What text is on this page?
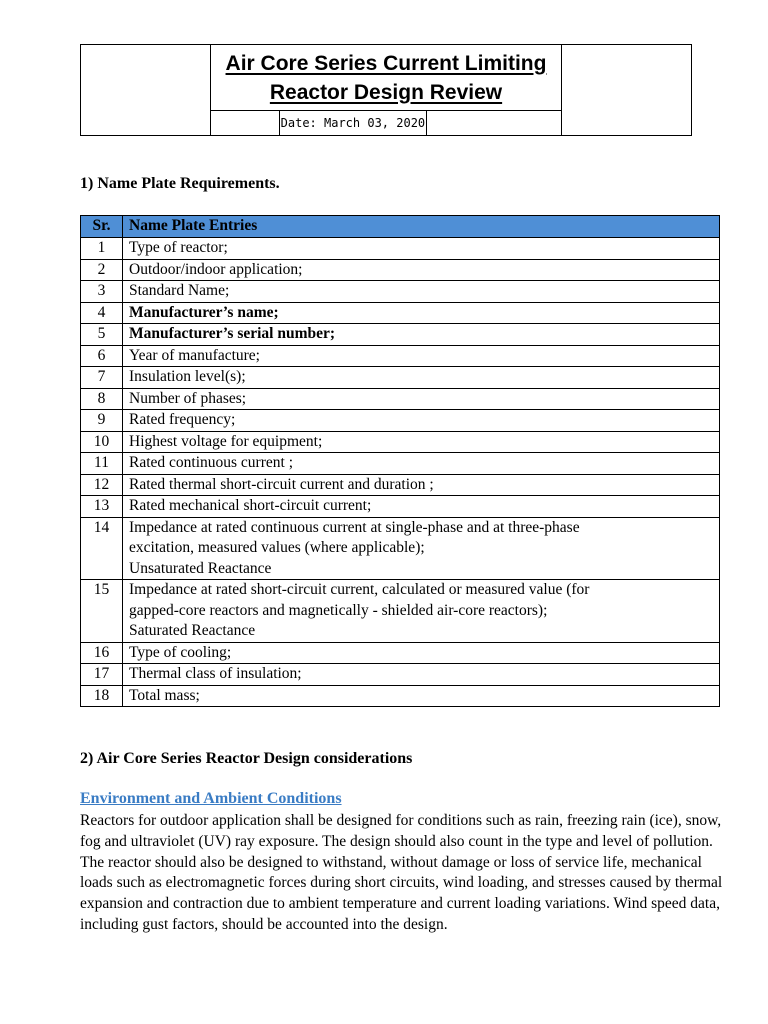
Air Core Series Current Limiting
Reactor Design Review

	Date: March 03, 2020	
1) Name Plate Requirements.
Sr.	Name Plate Entries
1	Type of reactor;

2	Outdoor/indoor application;

3	Standard Name;

4	Manufacturer’s name;

5	Manufacturer’s serial number;

6	Year of manufacture;

7	Insulation level(s);

8	Number of phases;

9	Rated frequency;

10	Highest voltage for equipment;

11	Rated continuous current ;

12	Rated thermal short-circuit current and duration ;

13	Rated mechanical short-circuit current;

14	Impedance at rated continuous current at single-phase and at three-phase
excitation, measured values (where applicable);
Unsaturated Reactance

15	Impedance at rated short-circuit current, calculated or measured value (for
gapped-core reactors and magnetically - shielded air-core reactors);
Saturated Reactance

16	Type of cooling;

17	Thermal class of insulation;

18	Total mass;
2) Air Core Series Reactor Design considerations
Environment and Ambient Conditions
Reactors for outdoor application shall be designed for conditions such as rain, freezing rain (ice), snow, fog and ultraviolet (UV) ray exposure. The design should also count in the type and level of pollution. The reactor should also be designed to withstand, without damage or loss of service life, mechanical loads such as electromagnetic forces during short circuits, wind loading, and stresses caused by thermal expansion and contraction due to ambient temperature and current loading variations. Wind speed data, including gust factors, should be accounted into the design.
